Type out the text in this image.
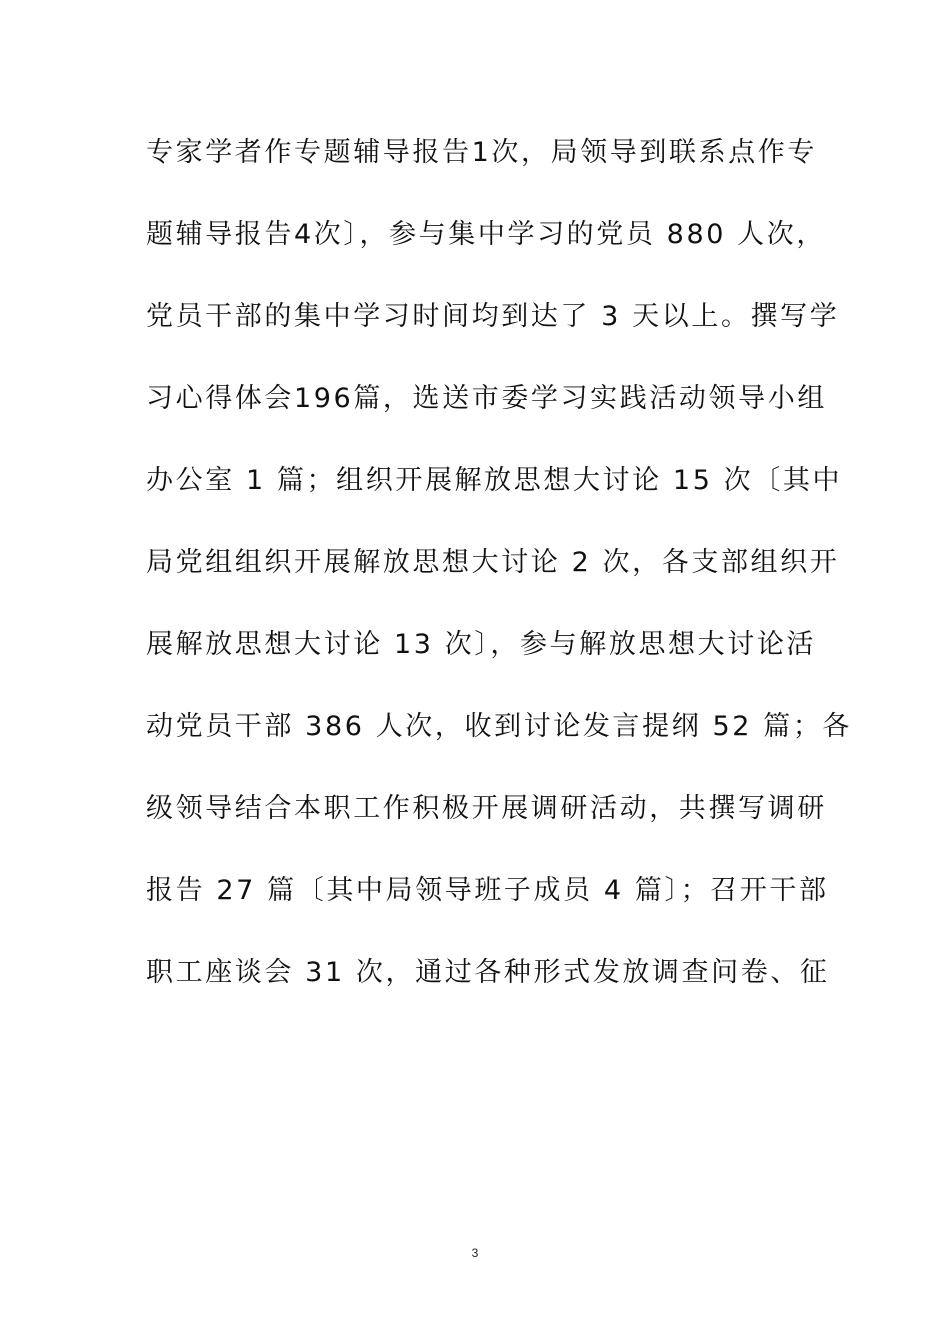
专家学者作专题辅导报告1次，局领导到联系点作专
题辅导报告4次〕，参与集中学习的党员 880 人次，
党员干部的集中学习时间均到达了 3 天以上。撰写学
习心得体会196篇，选送市委学习实践活动领导小组
办公室 1 篇；组织开展解放思想大讨论 15 次〔其中
局党组组织开展解放思想大讨论 2 次，各支部组织开
展解放思想大讨论 13 次〕，参与解放思想大讨论活
动党员干部 386 人次，收到讨论发言提纲 52 篇；各
级领导结合本职工作积极开展调研活动，共撰写调研
报告 27 篇〔其中局领导班子成员 4 篇〕；召开干部
职工座谈会 31 次，通过各种形式发放调查问卷、征
3
